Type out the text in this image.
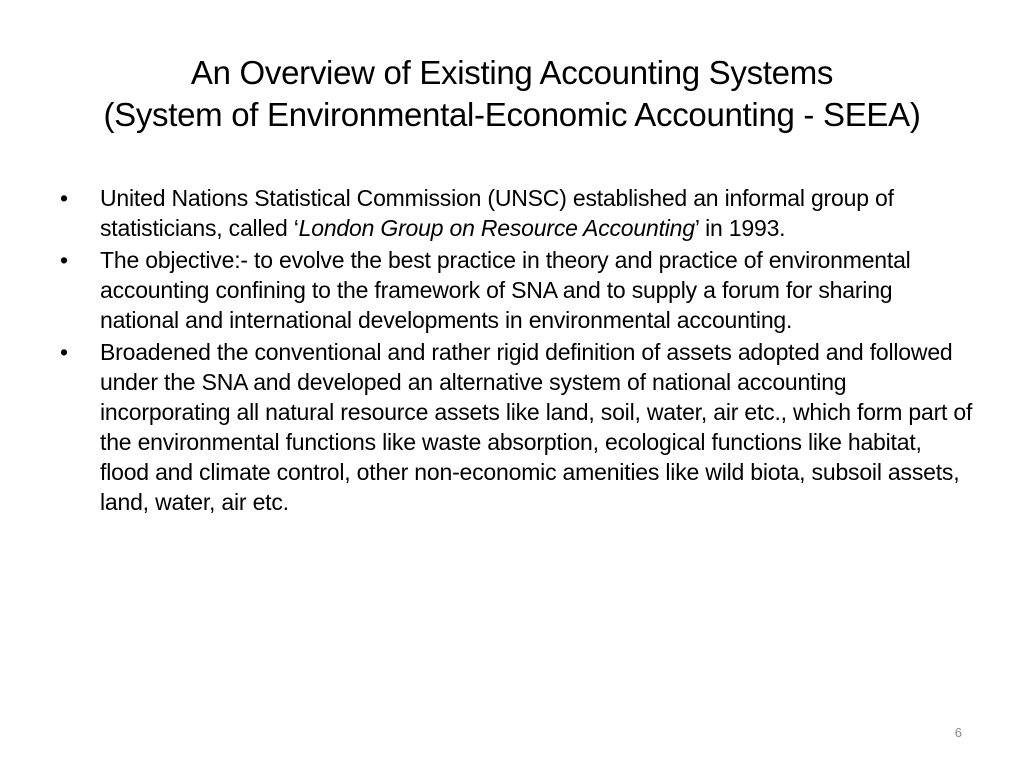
An Overview of Existing Accounting Systems
(System of Environmental-Economic Accounting - SEEA)
• United Nations Statistical Commission (UNSC) established an informal group of statisticians, called ‘London Group on Resource Accounting’ in 1993.
• The objective:- to evolve the best practice in theory and practice of environmental accounting confining to the framework of SNA and to supply a forum for sharing national and international developments in environmental accounting.
• Broadened the conventional and rather rigid definition of assets adopted and followed under the SNA and developed an alternative system of national accounting incorporating all natural resource assets like land, soil, water, air etc., which form part of the environmental functions like waste absorption, ecological functions like habitat, flood and climate control, other non-economic amenities like wild biota, subsoil assets, land, water, air etc.
6
